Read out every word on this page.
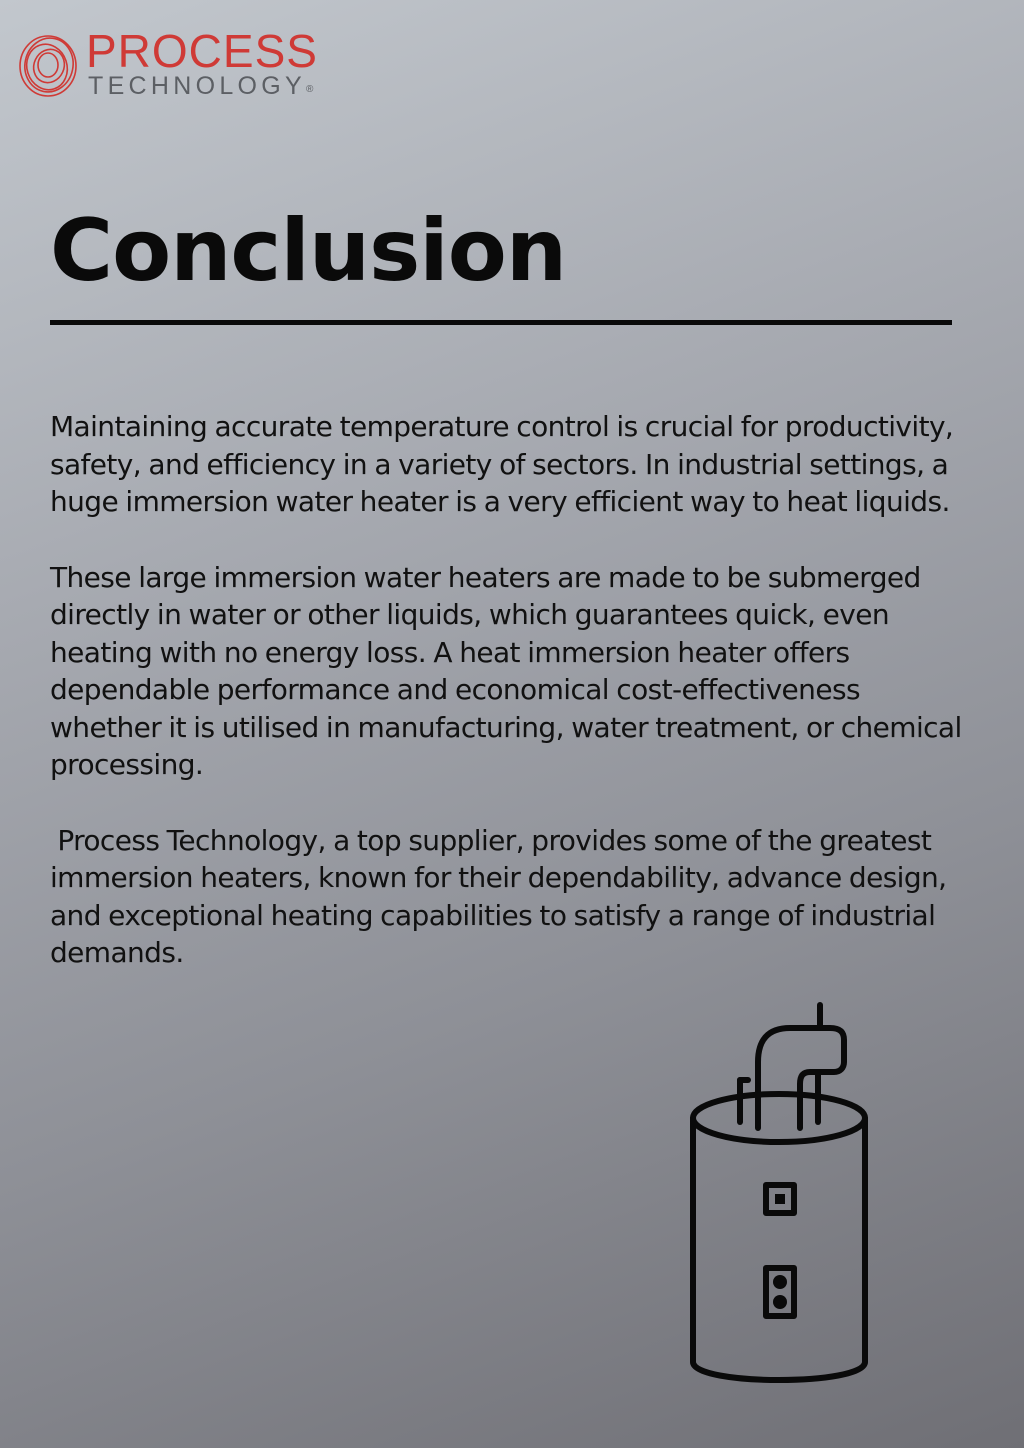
PROCESS
TECHNOLOGY®
Conclusion

Maintaining accurate temperature control is crucial for productivity, safety, and efficiency in a variety of sectors. In industrial settings, a huge immersion water heater is a very efficient way to heat liquids.

These large immersion water heaters are made to be submerged directly in water or other liquids, which guarantees quick, even heating with no energy loss. A heat immersion heater offers dependable performance and economical cost-effectiveness whether it is utilised in manufacturing, water treatment, or chemical processing.

Process Technology, a top supplier, provides some of the greatest immersion heaters, known for their dependability, advance design, and exceptional heating capabilities to satisfy a range of industrial demands.
